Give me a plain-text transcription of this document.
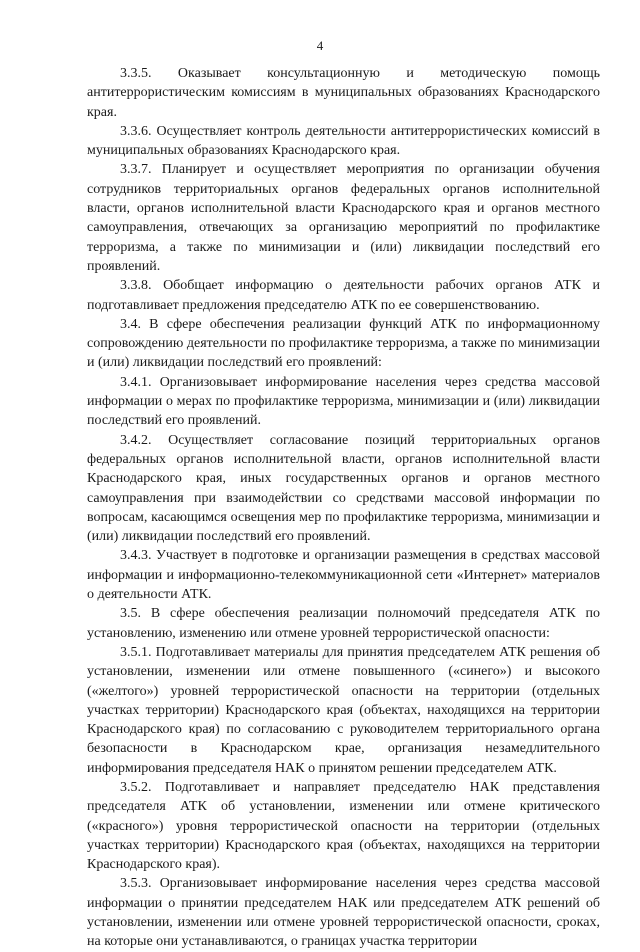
4

3.3.5. Оказывает консультационную и методическую помощь антитеррористическим комиссиям в муниципальных образованиях Краснодарского края.

3.3.6. Осуществляет контроль деятельности антитеррористических комиссий в муниципальных образованиях Краснодарского края.

3.3.7. Планирует и осуществляет мероприятия по организации обучения сотрудников территориальных органов федеральных органов исполнительной власти, органов исполнительной власти Краснодарского края и органов местного самоуправления, отвечающих за организацию мероприятий по профилактике терроризма, а также по минимизации и (или) ликвидации последствий его проявлений.

3.3.8. Обобщает информацию о деятельности рабочих органов АТК и подготавливает предложения председателю АТК по ее совершенствованию.

3.4. В сфере обеспечения реализации функций АТК по информационному сопровождению деятельности по профилактике терроризма, а также по минимизации и (или) ликвидации последствий его проявлений:

3.4.1. Организовывает информирование населения через средства массовой информации о мерах по профилактике терроризма, минимизации и (или) ликвидации последствий его проявлений.

3.4.2. Осуществляет согласование позиций территориальных органов федеральных органов исполнительной власти, органов исполнительной власти Краснодарского края, иных государственных органов и органов местного самоуправления при взаимодействии со средствами массовой информации по вопросам, касающимся освещения мер по профилактике терроризма, минимизации и (или) ликвидации последствий его проявлений.

3.4.3. Участвует в подготовке и организации размещения в средствах массовой информации и информационно-телекоммуникационной сети «Интернет» материалов о деятельности АТК.

3.5. В сфере обеспечения реализации полномочий председателя АТК по установлению, изменению или отмене уровней террористической опасности:

3.5.1. Подготавливает материалы для принятия председателем АТК решения об установлении, изменении или отмене повышенного («синего») и высокого («желтого») уровней террористической опасности на территории (отдельных участках территории) Краснодарского края (объектах, находящихся на территории Краснодарского края) по согласованию с руководителем территориального органа безопасности в Краснодарском крае, организация незамедлительного информирования председателя НАК о принятом решении председателем АТК.

3.5.2. Подготавливает и направляет председателю НАК представления председателя АТК об установлении, изменении или отмене критического («красного») уровня террористической опасности на территории (отдельных участках территории) Краснодарского края (объектах, находящихся на территории Краснодарского края).

3.5.3. Организовывает информирование населения через средства массовой информации о принятии председателем НАК или председателем АТК решений об установлении, изменении или отмене уровней террористической опасности, сроках, на которые они устанавливаются, о границах участка территории
